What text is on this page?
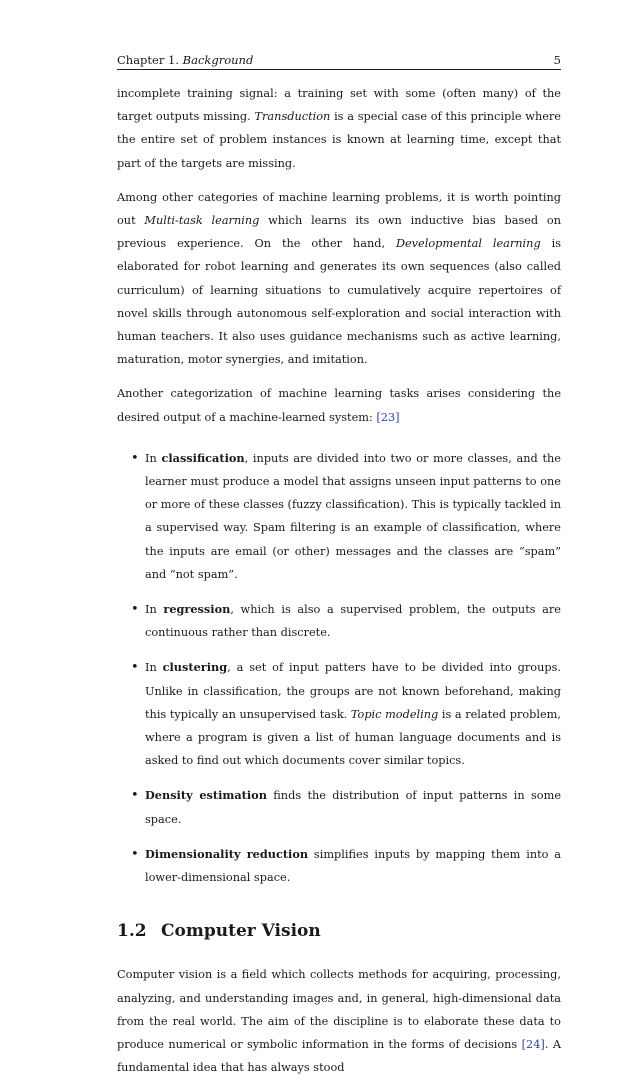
Chapter 1. Background	5

incomplete training signal: a training set with some (often many) of the target outputs missing. Transduction is a special case of this principle where the entire set of problem instances is known at learning time, except that part of the targets are missing.

Among other categories of machine learning problems, it is worth pointing out Multi-task learning which learns its own inductive bias based on previous experience. On the other hand, Developmental learning is elaborated for robot learning and generates its own sequences (also called curriculum) of learning situations to cumulatively acquire repertoires of novel skills through autonomous self-exploration and social interaction with human teachers. It also uses guidance mechanisms such as active learning, maturation, motor synergies, and imitation.

Another categorization of machine learning tasks arises considering the desired output of a machine-learned system: [23]

• In classification, inputs are divided into two or more classes, and the learner must produce a model that assigns unseen input patterns to one or more of these classes (fuzzy classification). This is typically tackled in a supervised way. Spam filtering is an example of classification, where the inputs are email (or other) messages and the classes are “spam” and “not spam”.
• In regression, which is also a supervised problem, the outputs are continuous rather than discrete.
• In clustering, a set of input patters have to be divided into groups. Unlike in classification, the groups are not known beforehand, making this typically an unsupervised task. Topic modeling is a related problem, where a program is given a list of human language documents and is asked to find out which documents cover similar topics.
• Density estimation finds the distribution of input patterns in some space.
• Dimensionality reduction simplifies inputs by mapping them into a lower-dimensional space.
1.2 Computer Vision

Computer vision is a field which collects methods for acquiring, processing, analyzing, and understanding images and, in general, high-dimensional data from the real world. The aim of the discipline is to elaborate these data to produce numerical or symbolic information in the forms of decisions [24]. A fundamental idea that has always stood
